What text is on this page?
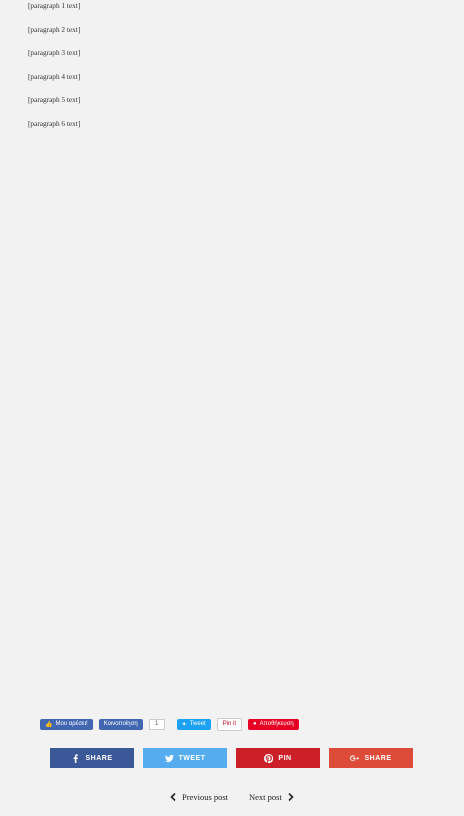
[paragraph 1 text]

[paragraph 2 text]

[paragraph 3 text]

[paragraph 4 text]

[paragraph 5 text]

[paragraph 6 text]

👍 Μου αρέσει!	Κοινοποίηση	1	✦ Tweet	Pin it	● Αποθήκευση
SHARE	TWEET	PIN	SHARE
Previous post Next post
